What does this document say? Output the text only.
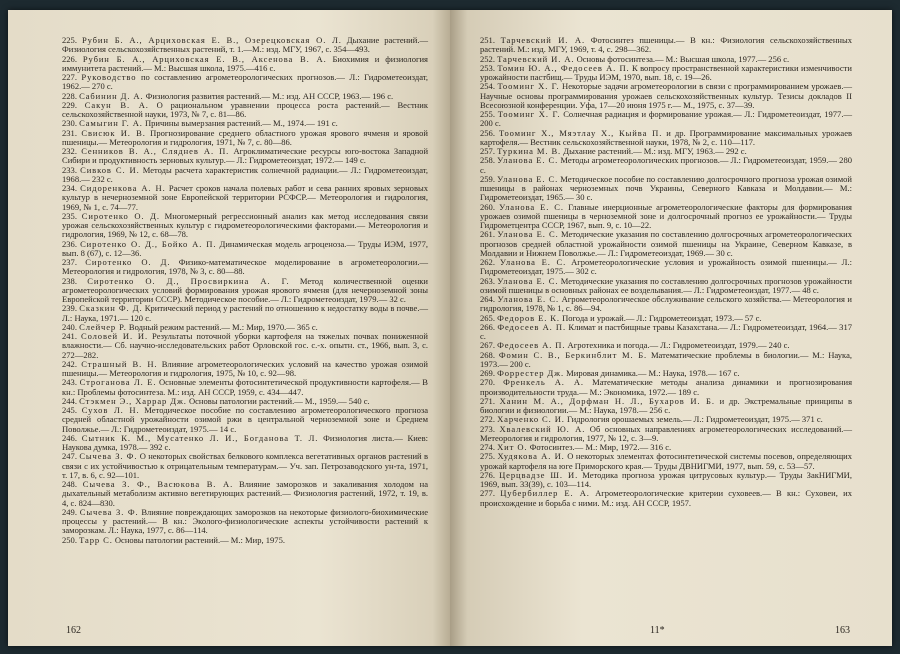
225. Рубин Б. А., Арциховская Е. В., Озерецковская О. Л. Дыхание растений.— Физиология сельскохозяйственных растений, т. 1.—М.: изд. МГУ, 1967, с. 354—493.

226. Рубин Б. А., Арциховская Е. В., Аксенова В. А. Биохимия и физиология иммунитета растений.— М.: Высшая школа, 1975.—416 с.

227. Руководство по составлению агрометеорологических прогнозов.— Л.: Гидрометеоиздат, 1962.— 270 с.

228. Сабинин Д. А. Физиология развития растений.— М.: изд. АН СССР, 1963.— 196 с.

229. Сакун В. А. О рациональном уравнении процесса роста растений.— Вестник сельскохозяйственной науки, 1973, № 7, с. 81—86.

230. Самыгин Г. А. Причины вымерзания растений.— М., 1974.— 191 с.

231. Свисюк И. В. Прогнозирование среднего областного урожая ярового ячменя и яровой пшеницы.— Метеорология и гидрология, 1971, № 7, с. 80—86.

232. Сенников В. А., Сляднев А. П. Агроклиматические ресурсы юго-востока Западной Сибири и продуктивность зерновых культур.— Л.: Гидрометеоиздат, 1972.— 149 с.

233. Сивков С. И. Методы расчета характеристик солнечной радиации.— Л.: Гидрометеоиздат, 1968.— 232 с.

234. Сидоренкова А. Н. Расчет сроков начала полевых работ и сева ранних яровых зерновых культур в нечерноземной зоне Европейской территории РСФСР.— Метеорология и гидрология, 1969, № 1, с. 74—77.

235. Сиротенко О. Д. Многомерный регрессионный анализ как метод исследования связи урожая сельскохозяйственных культур с гидрометеорологическими факторами.— Метеорология и гидрология, 1969, № 12, с. 68—78.

236. Сиротенко О. Д., Бойко А. П. Динамическая модель агроценоза.— Труды ИЭМ, 1977, вып. 8 (67), с. 12—36.

237. Сиротенко О. Д. Физико-математическое моделирование в агрометеорологии.— Метеорология и гидрология, 1978, № 3, с. 80—88.

238. Сиротенко О. Д., Просвиркина А. Г. Метод количественной оценки агрометеорологических условий формирования урожая ярового ячменя (для нечерноземной зоны Европейской территории СССР). Методическое пособие.— Л.: Гидрометеоиздат, 1979.— 32 с.

239. Сказкин Ф. Д. Критический период у растений по отношению к недостатку воды в почве.— Л.: Наука, 1971.— 120 с.

240. Слейчер Р. Водный режим растений.— М.: Мир, 1970.— 365 с.

241. Соловей И. И. Результаты поточной уборки картофеля на тяжелых почвах пониженной влажности.— Сб. научно-исследовательских работ Орловской гос. с.-х. опытн. ст., 1966, вып. 3, с. 272—282.

242. Страшный В. Н. Влияние агрометеорологических условий на качество урожая озимой пшеницы.— Метеорология и гидрология, 1975, № 10, с. 92—98.

243. Строганова Л. Е. Основные элементы фотосинтетической продуктивности картофеля.— В кн.: Проблемы фотосинтеза. М.: изд. АН СССР, 1959, с. 434—447.

244. Стэкмен Э., Харрар Дж. Основы патологии растений.— М., 1959.— 540 с.

245. Сухов Л. Н. Методическое пособие по составлению агрометеорологического прогноза средней областной урожайности озимой ржи в центральной черноземной зоне и Среднем Поволжье.— Л.: Гидрометеоиздат, 1975.— 14 с.

246. Сытник К. М., Мусатенко Л. И., Богданова Т. Л. Физиология листа.— Киев: Наукова думка, 1978.— 392 с.

247. Сычева З. Ф. О некоторых свойствах белкового комплекса вегетативных органов растений в связи с их устойчивостью к отрицательным температурам.— Уч. зап. Петрозаводского ун-та, 1971, т. 17, в. 6, с. 92—101.

248. Сычева З. Ф., Васюкова В. А. Влияние заморозков и закаливания холодом на дыхательный метаболизм активно вегетирующих растений.— Физиология растений, 1972, т. 19, в. 4, с. 824—830.

249. Сычева З. Ф. Влияние повреждающих заморозков на некоторые физиолого-биохимические процессы у растений.— В кн.: Эколого-физиологические аспекты устойчивости растений к заморозкам. Л.: Наука, 1977, с. 86—114.

250. Тарр С. Основы патологии растений.— М.: Мир, 1975.

162

251. Тарчевский И. А. Фотосинтез пшеницы.— В кн.: Физиология сельскохозяйственных растений. М.: изд. МГУ, 1969, т. 4, с. 298—362.

252. Тарчевский И. А. Основы фотосинтеза.— М.: Высшая школа, 1977.— 256 с.

253. Томин Ю. А., Федосеев А. П. К вопросу пространственной характеристики изменчивости урожайности пастбищ.— Труды ИЭМ, 1970, вып. 18, с. 19—26.

254. Тооминг Х. Г. Некоторые задачи агрометеорологии в связи с программированием урожаев.— Научные основы программирования урожаев сельскохозяйственных культур. Тезисы докладов II Всесоюзной конференции. Уфа, 17—20 июня 1975 г.— М., 1975, с. 37—39.

255. Тооминг Х. Г. Солнечная радиация и формирование урожая.— Л.: Гидрометеоиздат, 1977.— 200 с.

256. Тооминг Х., Мяэтлау Х., Кыйва П. и др. Программирование максимальных урожаев картофеля.— Вестник сельскохозяйственной науки, 1978, № 2, с. 110—117.

257. Туркина М. В. Дыхание растений.— М.: изд. МГУ, 1963.— 292 с.

258. Уланова Е. С. Методы агрометеорологических прогнозов.— Л.: Гидрометеоиздат, 1959.— 280 с.

259. Уланова Е. С. Методическое пособие по составлению долгосрочного прогноза урожая озимой пшеницы в районах черноземных почв Украины, Северного Кавказа и Молдавии.— М.: Гидрометеоиздат, 1965.— 30 с.

260. Уланова Е. С. Главные инерционные агрометеорологические факторы для формирования урожаев озимой пшеницы в черноземной зоне и долгосрочный прогноз ее урожайности.— Труды Гидрометцентра СССР, 1967, вып. 9, с. 10—22.

261. Уланова Е. С. Методические указания по составлению долгосрочных агрометеорологических прогнозов средней областной урожайности озимой пшеницы на Украине, Северном Кавказе, в Молдавии и Нижнем Поволжье.— Л.: Гидрометеоиздат, 1969.— 30 с.

262. Уланова Е. С. Агрометеорологические условия и урожайность озимой пшеницы.— Л.: Гидрометеоиздат, 1975.— 302 с.

263. Уланова Е. С. Методические указания по составлению долгосрочных прогнозов урожайности озимой пшеницы в основных районах ее возделывания.— Л.: Гидрометеоиздат, 1977.— 48 с.

264. Уланова Е. С. Агрометеорологическое обслуживание сельского хозяйства.— Метеорология и гидрология, 1978, № 1, с. 86—94.

265. Федоров Е. К. Погода и урожай.— Л.: Гидрометеоиздат, 1973.— 57 с.

266. Федосеев А. П. Климат и пастбищные травы Казахстана.— Л.: Гидрометеоиздат, 1964.— 317 с.

267. Федосеев А. П. Агротехника и погода.— Л.: Гидрометеоиздат, 1979.— 240 с.

268. Фомин С. В., Беркинблит М. Б. Математические проблемы в биологии.— М.: Наука, 1973.— 200 с.

269. Форрестер Дж. Мировая динамика.— М.: Наука, 1978.— 167 с.

270. Френкель А. А. Математические методы анализа динамики и прогнозирования производительности труда.— М.: Экономика, 1972.— 189 с.

271. Ханин М. А., Дорфман Н. Л., Бухаров И. Б. и др. Экстремальные принципы в биологии и физиологии.— М.: Наука, 1978.— 256 с.

272. Харченко С. И. Гидрология орошаемых земель.— Л.: Гидрометеоиздат, 1975.— 371 с.

273. Хвалевский Ю. А. Об основных направлениях агрометеорологических исследований.— Метеорология и гидрология, 1977, № 12, с. 3—9.

274. Хит О. Фотосинтез.— М.: Мир, 1972.— 316 с.

275. Худякова А. И. О некоторых элементах фотосинтетической системы посевов, определяющих урожай картофеля на юге Приморского края.— Труды ДВНИГМИ, 1977, вып. 59, с. 53—57.

276. Церцвадзе Ш. И. Методика прогноза урожая цитрусовых культур.— Труды ЗакНИГМИ, 1969, вып. 33(39), с. 103—114.

277. Цубербиллер Е. А. Агрометеорологические критерии суховеев.— В кн.: Суховеи, их происхождение и борьба с ними. М.: изд. АН СССР, 1957.

11*	163
